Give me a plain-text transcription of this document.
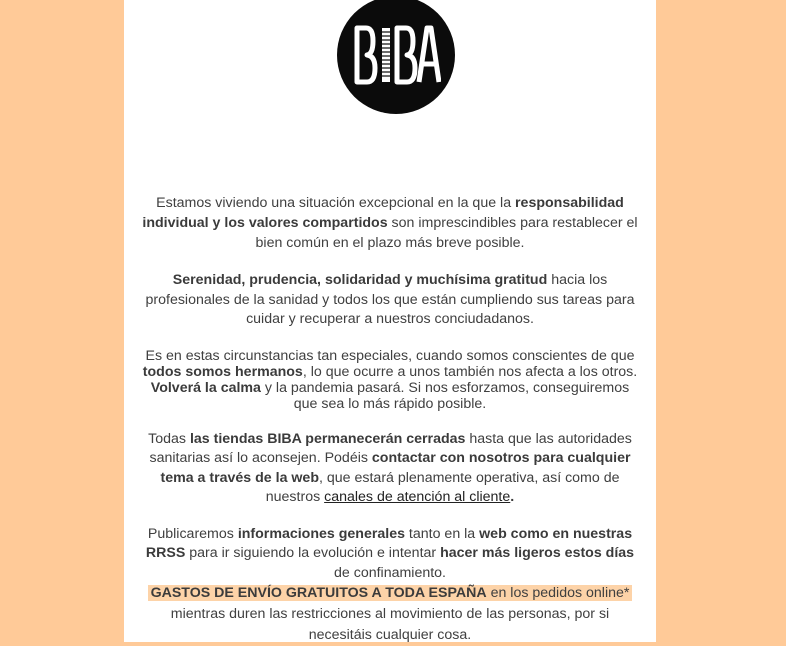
Estamos viviendo una situación excepcional en la que la responsabilidad individual y los valores compartidos son imprescindibles para restablecer el bien común en el plazo más breve posible.

Serenidad, prudencia, solidaridad y muchísima gratitud hacia los profesionales de la sanidad y todos los que están cumpliendo sus tareas para cuidar y recuperar a nuestros conciudadanos.

Es en estas circunstancias tan especiales, cuando somos conscientes de que todos somos hermanos, lo que ocurre a unos también nos afecta a los otros. Volverá la calma y la pandemia pasará. Si nos esforzamos, conseguiremos que sea lo más rápido posible.

Todas las tiendas BIBA permanecerán cerradas hasta que las autoridades sanitarias así lo aconsejen. Podéis contactar con nosotros para cualquier tema a través de la web, que estará plenamente operativa, así como de nuestros canales de atención al cliente.

Publicaremos informaciones generales tanto en la web como en nuestras RRSS para ir siguiendo la evolución e intentar hacer más ligeros estos días de confinamiento.

GASTOS DE ENVÍO GRATUITOS A TODA ESPAÑA en los pedidos online* mientras duren las restricciones al movimiento de las personas, por si necesitáis cualquier cosa.
